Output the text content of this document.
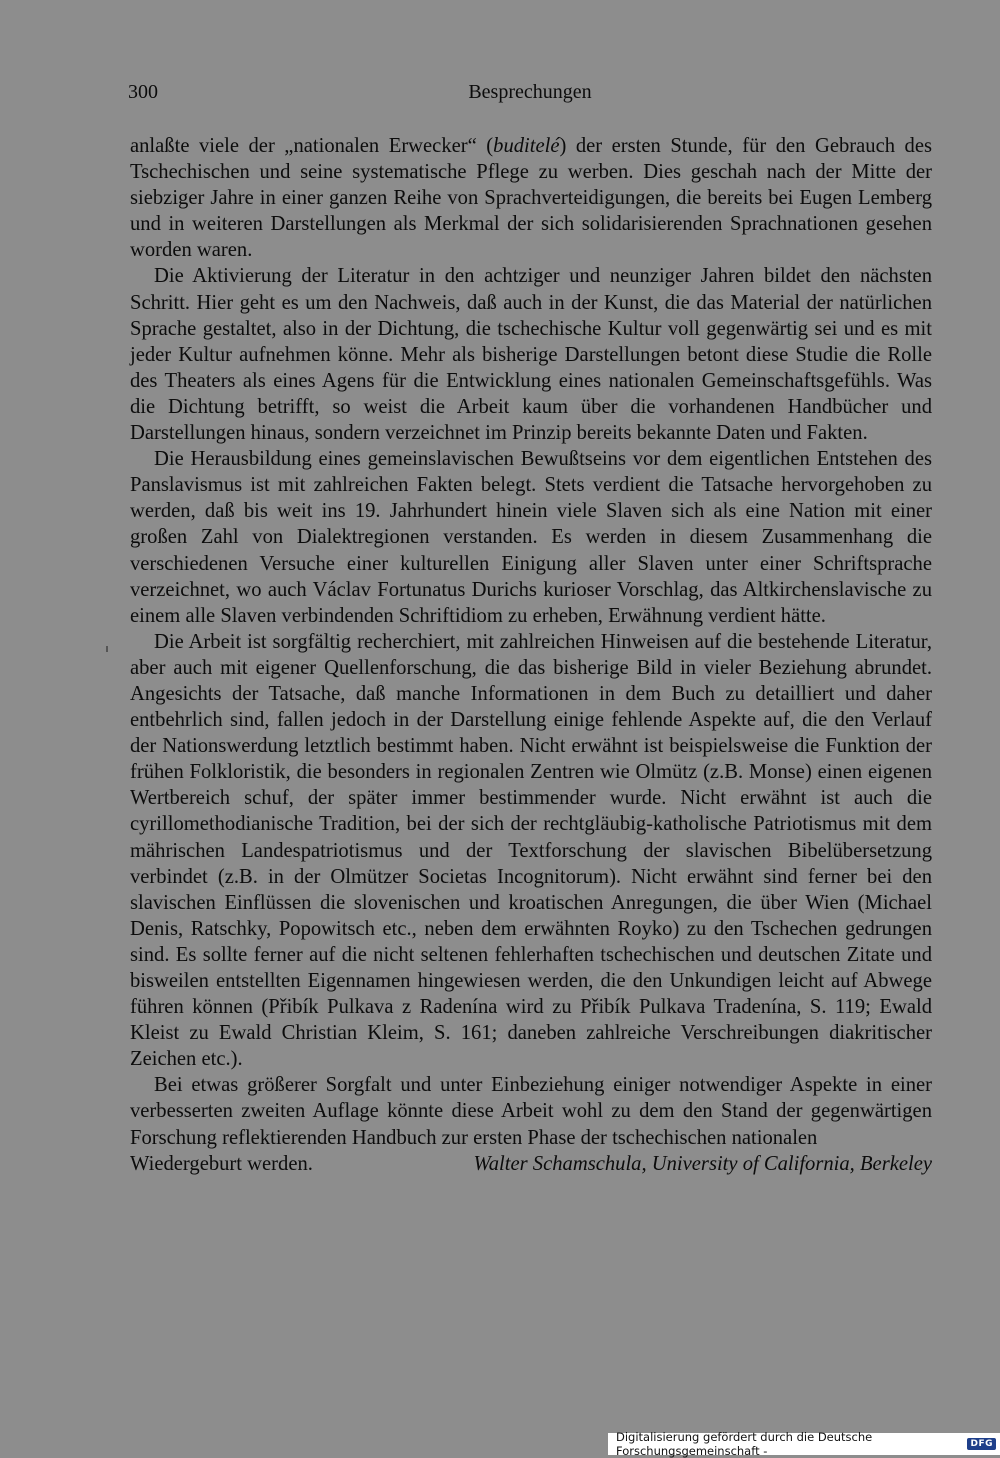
300	Besprechungen

anlaßte viele der „nationalen Erwecker“ (buditelé) der ersten Stunde, für den Gebrauch des Tschechischen und seine systematische Pflege zu werben. Dies geschah nach der Mitte der siebziger Jahre in einer ganzen Reihe von Sprachverteidigungen, die bereits bei Eugen Lemberg und in weiteren Darstellungen als Merkmal der sich solidarisierenden Sprachnationen gesehen worden waren.

Die Aktivierung der Literatur in den achtziger und neunziger Jahren bildet den nächsten Schritt. Hier geht es um den Nachweis, daß auch in der Kunst, die das Material der natürlichen Sprache gestaltet, also in der Dichtung, die tschechische Kultur voll gegenwärtig sei und es mit jeder Kultur aufnehmen könne. Mehr als bisherige Darstellungen betont diese Studie die Rolle des Theaters als eines Agens für die Entwicklung eines nationalen Gemeinschaftsgefühls. Was die Dichtung betrifft, so weist die Arbeit kaum über die vorhandenen Handbücher und Darstellungen hinaus, sondern verzeichnet im Prinzip bereits bekannte Daten und Fakten.

Die Herausbildung eines gemeinslavischen Bewußtseins vor dem eigentlichen Entstehen des Panslavismus ist mit zahlreichen Fakten belegt. Stets verdient die Tatsache hervorgehoben zu werden, daß bis weit ins 19. Jahrhundert hinein viele Slaven sich als eine Nation mit einer großen Zahl von Dialektregionen verstanden. Es werden in diesem Zusammenhang die verschiedenen Versuche einer kulturellen Einigung aller Slaven unter einer Schriftsprache verzeichnet, wo auch Václav Fortunatus Durichs kurioser Vorschlag, das Altkirchenslavische zu einem alle Slaven verbindenden Schriftidiom zu erheben, Erwähnung verdient hätte.

Die Arbeit ist sorgfältig recherchiert, mit zahlreichen Hinweisen auf die bestehende Literatur, aber auch mit eigener Quellenforschung, die das bisherige Bild in vieler Beziehung abrundet. Angesichts der Tatsache, daß manche Informationen in dem Buch zu detailliert und daher entbehrlich sind, fallen jedoch in der Darstellung einige fehlende Aspekte auf, die den Verlauf der Nationswerdung letztlich bestimmt haben. Nicht erwähnt ist beispielsweise die Funktion der frühen Folkloristik, die besonders in regionalen Zentren wie Olmütz (z.B. Monse) einen eigenen Wertbereich schuf, der später immer bestimmender wurde. Nicht erwähnt ist auch die cyrillomethodianische Tradition, bei der sich der rechtgläubig-katholische Patriotismus mit dem mährischen Landespatriotismus und der Textforschung der slavischen Bibelübersetzung verbindet (z.B. in der Olmützer Societas Incognitorum). Nicht erwähnt sind ferner bei den slavischen Einflüssen die slovenischen und kroatischen Anregungen, die über Wien (Michael Denis, Ratschky, Popowitsch etc., neben dem erwähnten Royko) zu den Tschechen gedrungen sind. Es sollte ferner auf die nicht seltenen fehlerhaften tschechischen und deutschen Zitate und bisweilen entstellten Eigennamen hingewiesen werden, die den Unkundigen leicht auf Abwege führen können (Přibík Pulkava z Radenína wird zu Přibík Pulkava Tradenína, S. 119; Ewald Kleist zu Ewald Christian Kleim, S. 161; daneben zahlreiche Verschreibungen diakritischer Zeichen etc.).

Bei etwas größerer Sorgfalt und unter Einbeziehung einiger notwendiger Aspekte in einer verbesserten zweiten Auflage könnte diese Arbeit wohl zu dem den Stand der gegenwärtigen Forschung reflektierenden Handbuch zur ersten Phase der tschechischen nationalen

Wiedergeburt werden.	Walter Schamschula, University of California, Berkeley
Digitalisierung gefördert durch die Deutsche Forschungsgemeinschaft -	DFG
